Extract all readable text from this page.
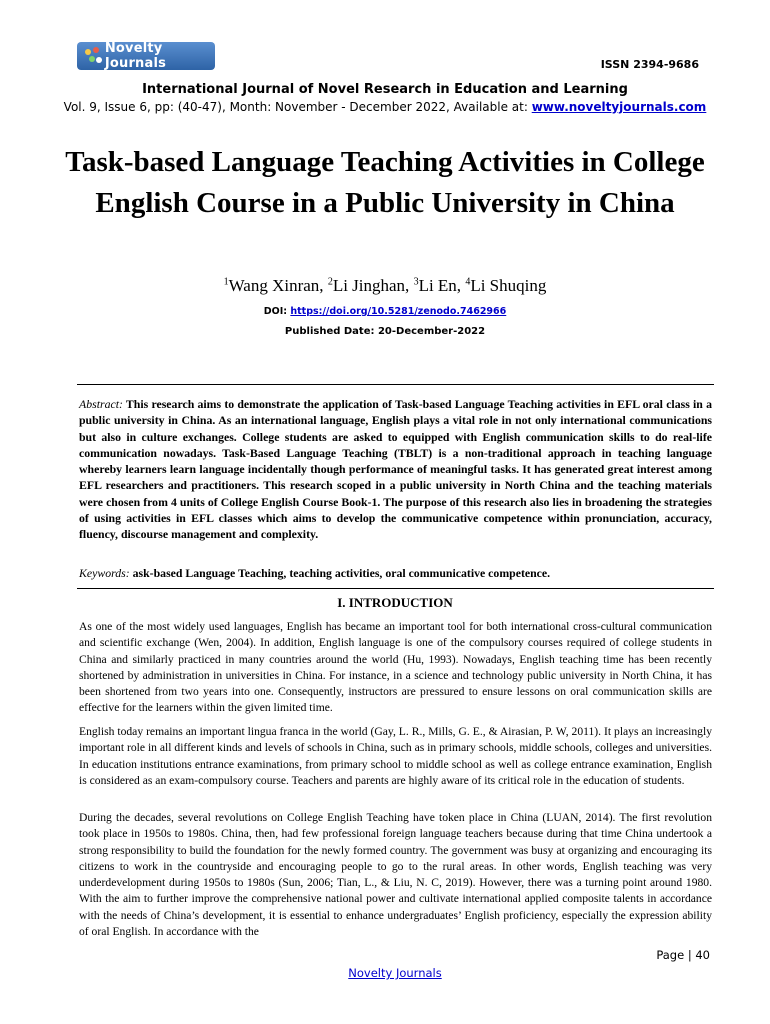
Novelty Journals	ISSN 2394-9686
International Journal of Novel Research in Education and Learning
Vol. 9, Issue 6, pp: (40-47), Month: November - December 2022, Available at: www.noveltyjournals.com
Task-based Language Teaching Activities in College English Course in a Public University in China
$^1$Wang Xinran, $^2$Li Jinghan, $^3$Li En, $^4$Li Shuqing
DOI: https://doi.org/10.5281/zenodo.7462966
Published Date: 20-December-2022
Abstract: This research aims to demonstrate the application of Task-based Language Teaching activities in EFL oral class in a public university in China. As an international language, English plays a vital role in not only international communications but also in culture exchanges. College students are asked to equipped with English communication skills to do real-life communication nowadays. Task-Based Language Teaching (TBLT) is a non-traditional approach in teaching language whereby learners learn language incidentally though performance of meaningful tasks. It has generated great interest among EFL researchers and practitioners. This research scoped in a public university in North China and the teaching materials were chosen from 4 units of College English Course Book-1. The purpose of this research also lies in broadening the strategies of using activities in EFL classes which aims to develop the communicative competence within pronunciation, accuracy, fluency, discourse management and complexity.
Keywords: ask-based Language Teaching, teaching activities, oral communicative competence.
I. INTRODUCTION

As one of the most widely used languages, English has became an important tool for both international cross-cultural communication and scientific exchange (Wen, 2004). In addition, English language is one of the compulsory courses required of college students in China and similarly practiced in many countries around the world (Hu, 1993). Nowadays, English teaching time has been recently shortened by administration in universities in China. For instance, in a science and technology public university in North China, it has been shortened from two years into one. Consequently, instructors are pressured to ensure lessons on oral communication skills are effective for the learners within the given limited time.

English today remains an important lingua franca in the world (Gay, L. R., Mills, G. E., & Airasian, P. W, 2011). It plays an increasingly important role in all different kinds and levels of schools in China, such as in primary schools, middle schools, colleges and universities. In education institutions entrance examinations, from primary school to middle school as well as college entrance examination, English is considered as an exam-compulsory course. Teachers and parents are highly aware of its critical role in the education of students.

During the decades, several revolutions on College English Teaching have token place in China (LUAN, 2014). The first revolution took place in 1950s to 1980s. China, then, had few professional foreign language teachers because during that time China undertook a strong responsibility to build the foundation for the newly formed country. The government was busy at organizing and encouraging its citizens to work in the countryside and encouraging people to go to the rural areas. In other words, English teaching was very underdevelopment during 1950s to 1980s (Sun, 2006; Tian, L., & Liu, N. C, 2019). However, there was a turning point around 1980. With the aim to further improve the comprehensive national power and cultivate international applied composite talents in accordance with the needs of China’s development, it is essential to enhance undergraduates’ English proficiency, especially the expression ability of oral English. In accordance with the

Page | 40
Novelty Journals
